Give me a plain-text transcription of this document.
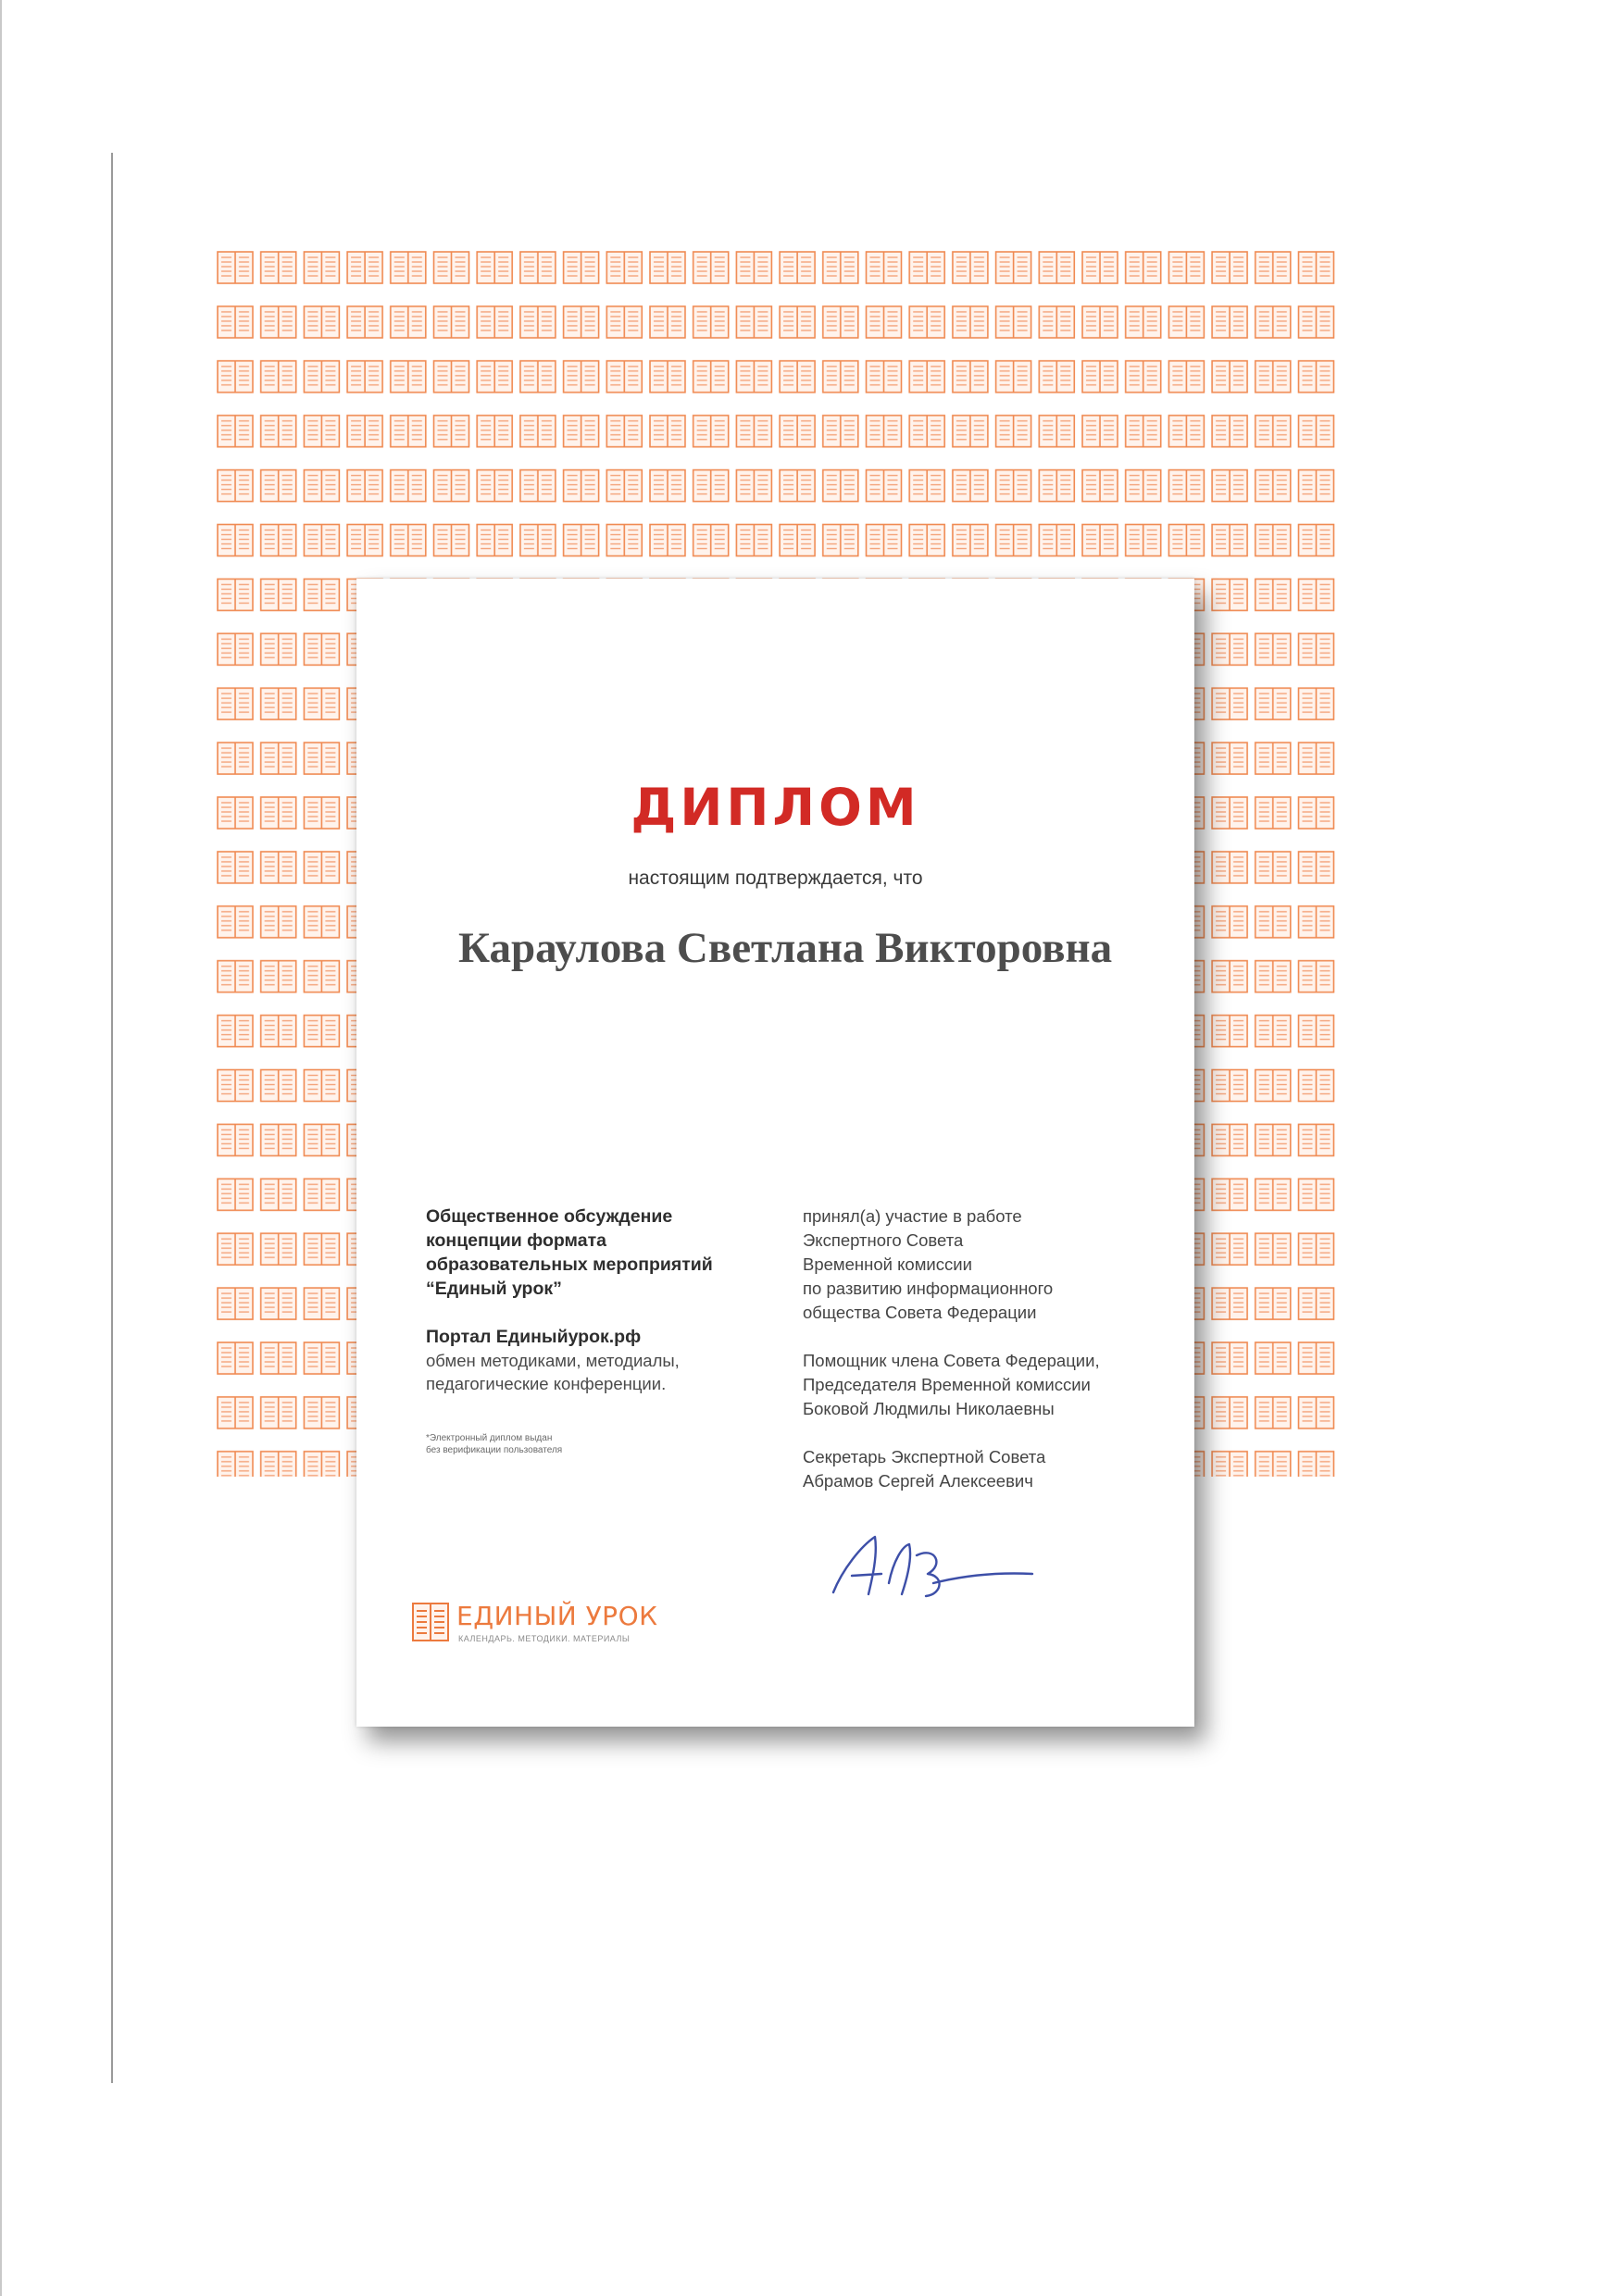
ДИПЛОМ
настоящим подтверждается, что
Караулова Светлана Викторовна
Общественное обсуждение
концепции формата
образовательных мероприятий
“Единый урок”
Портал Единыйурок.рф
обмен методиками, методиалы,
педагогические конференции.
*Электронный диплом выдан
без верификации пользователя
принял(а) участие в работе
Экспертного Совета
Временной комиссии
по развитию информационного
общества Совета Федерации
Помощник члена Совета Федерации,
Председателя Временной комиссии
Боковой Людмилы Николаевны
Секретарь Экспертной Совета
Абрамов Сергей Алексеевич
ЕДИНЫЙ УРОК
КАЛЕНДАРЬ. МЕТОДИКИ. МАТЕРИАЛЫ
